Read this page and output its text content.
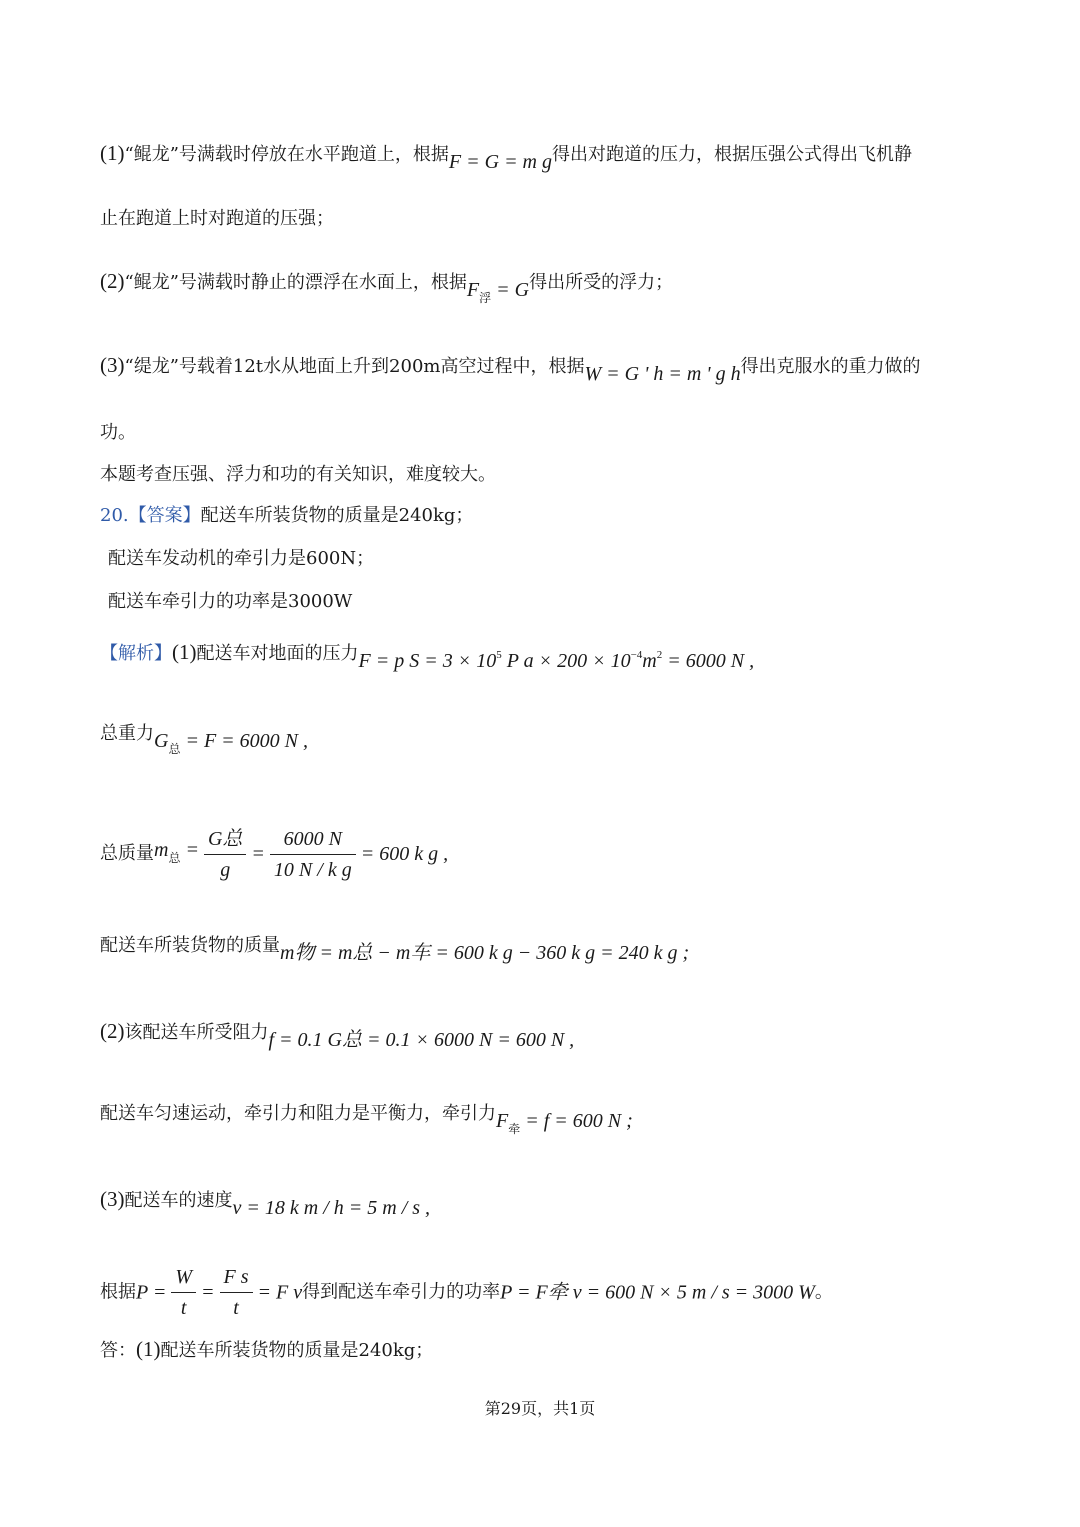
(1)“鲲龙”号满载时停放在水平跑道上，根据F = G = m g得出对跑道的压力，根据压强公式得出飞机静
止在跑道上时对跑道的压强；
(2)“鲲龙”号满载时静止的漂浮在水面上，根据$F_浮 = G$得出所受的浮力；
(3)“缇龙”号载着12t水从地面上升到200m高空过程中，根据W = G ' h = m ' g h得出克服水的重力做的
功。
本题考查压强、浮力和功的有关知识，难度较大。
20.【答案】配送车所装货物的质量是240kg；
配送车发动机的牵引力是600N；
配送车牵引力的功率是3000W
【解析】(1)配送车对地面的压力F = p $S = 3 \times 10^5$ P $a \times 200 \times 10^{-4}m^2 = 6000$ N ,
总重力$G_总 = F = 6000$ N ,
总质量$m_总 = \frac{\text{G总}}{g} = \frac{6000 N}{\text{10 N / k g}} = 600$ k g ,
配送车所装货物的质量m物 = m总 − m车 = 600 k g − 360 k g = 240 k g ;
(2)该配送车所受阻力f = 0.1 G总 = 0.1 × 6000 N = 600 N ,
配送车匀速运动，牵引力和阻力是平衡力，牵引力$F_牵 = f = 600$ N ;
(3)配送车的速度v = 18 k m / h = 5 m / s ,
根据$P = \frac{W}{t} = \frac{\text{F s}}{t} = F$ v得到配送车牵引力的功率P = F牵 v = 600 N × 5 m / s = 3000 W。
答：(1)配送车所装货物的质量是240kg；
第29页，共1页
